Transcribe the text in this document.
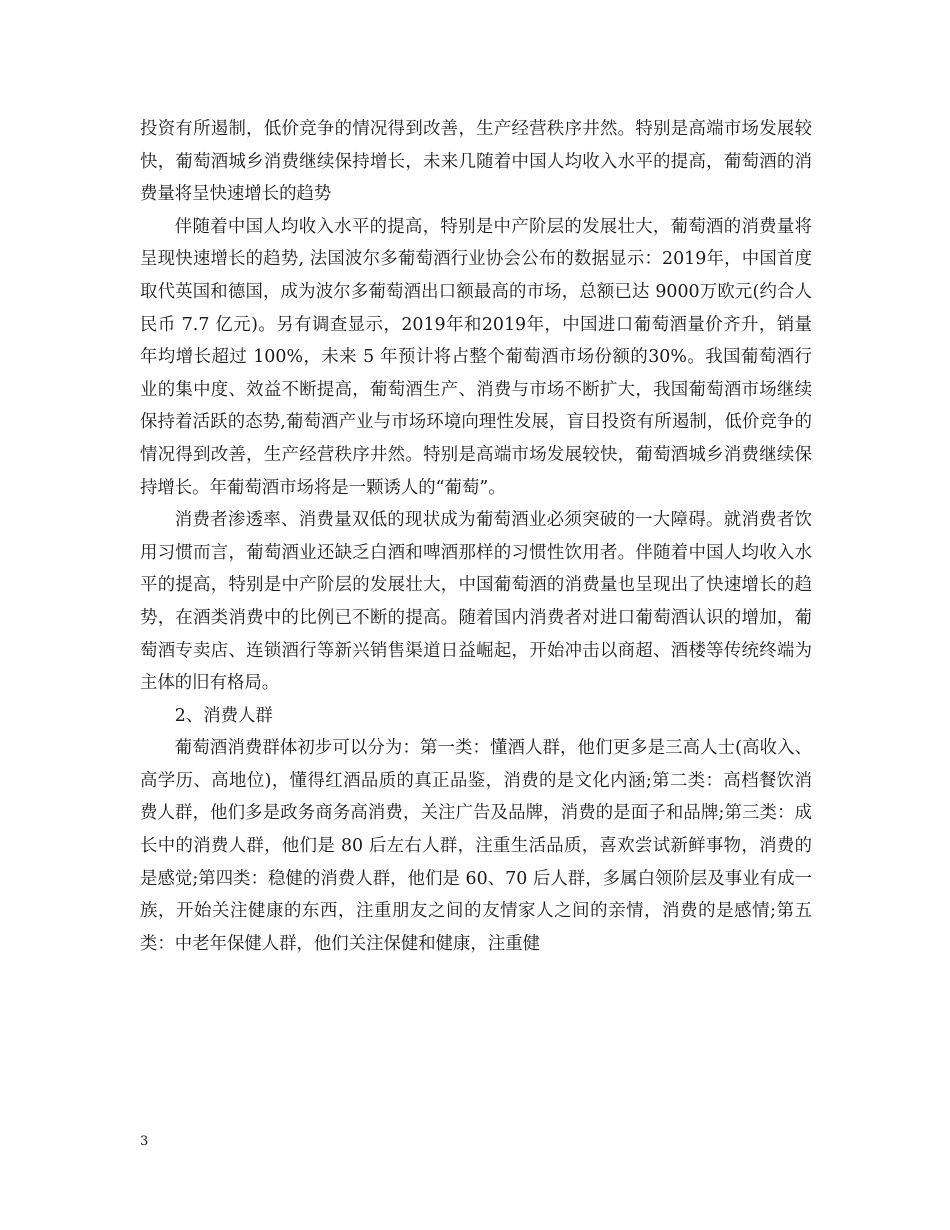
投资有所遏制，低价竞争的情况得到改善，生产经营秩序井然。特别是高端市场发展较快，葡萄酒城乡消费继续保持增长，未来几随着中国人均收入水平的提高，葡萄酒的消费量将呈快速增长的趋势

伴随着中国人均收入水平的提高，特别是中产阶层的发展壮大，葡萄酒的消费量将呈现快速增长的趋势, 法国波尔多葡萄酒行业协会公布的数据显示：2019年，中国首度取代英国和德国，成为波尔多葡萄酒出口额最高的市场，总额已达 9000万欧元(约合人民币 7.7 亿元)。另有调查显示，2019年和2019年，中国进口葡萄酒量价齐升，销量年均增长超过 100%，未来 5 年预计将占整个葡萄酒市场份额的30%。我国葡萄酒行业的集中度、效益不断提高，葡萄酒生产、消费与市场不断扩大，我国葡萄酒市场继续保持着活跃的态势,葡萄酒产业与市场环境向理性发展，盲目投资有所遏制，低价竞争的情况得到改善，生产经营秩序井然。特别是高端市场发展较快，葡萄酒城乡消费继续保持增长。年葡萄酒市场将是一颗诱人的“葡萄”。

消费者渗透率、消费量双低的现状成为葡萄酒业必须突破的一大障碍。就消费者饮用习惯而言，葡萄酒业还缺乏白酒和啤酒那样的习惯性饮用者。伴随着中国人均收入水平的提高，特别是中产阶层的发展壮大，中国葡萄酒的消费量也呈现出了快速增长的趋势，在酒类消费中的比例已不断的提高。随着国内消费者对进口葡萄酒认识的增加，葡萄酒专卖店、连锁酒行等新兴销售渠道日益崛起，开始冲击以商超、酒楼等传统终端为主体的旧有格局。

2、消费人群

葡萄酒消费群体初步可以分为：第一类：懂酒人群，他们更多是三高人士(高收入、高学历、高地位)，懂得红酒品质的真正品鉴，消费的是文化内涵;第二类：高档餐饮消费人群，他们多是政务商务高消费，关注广告及品牌，消费的是面子和品牌;第三类：成长中的消费人群，他们是 80 后左右人群，注重生活品质，喜欢尝试新鲜事物，消费的是感觉;第四类：稳健的消费人群，他们是 60、70 后人群，多属白领阶层及事业有成一族，开始关注健康的东西，注重朋友之间的友情家人之间的亲情，消费的是感情;第五类：中老年保健人群，他们关注保健和健康，注重健

3
